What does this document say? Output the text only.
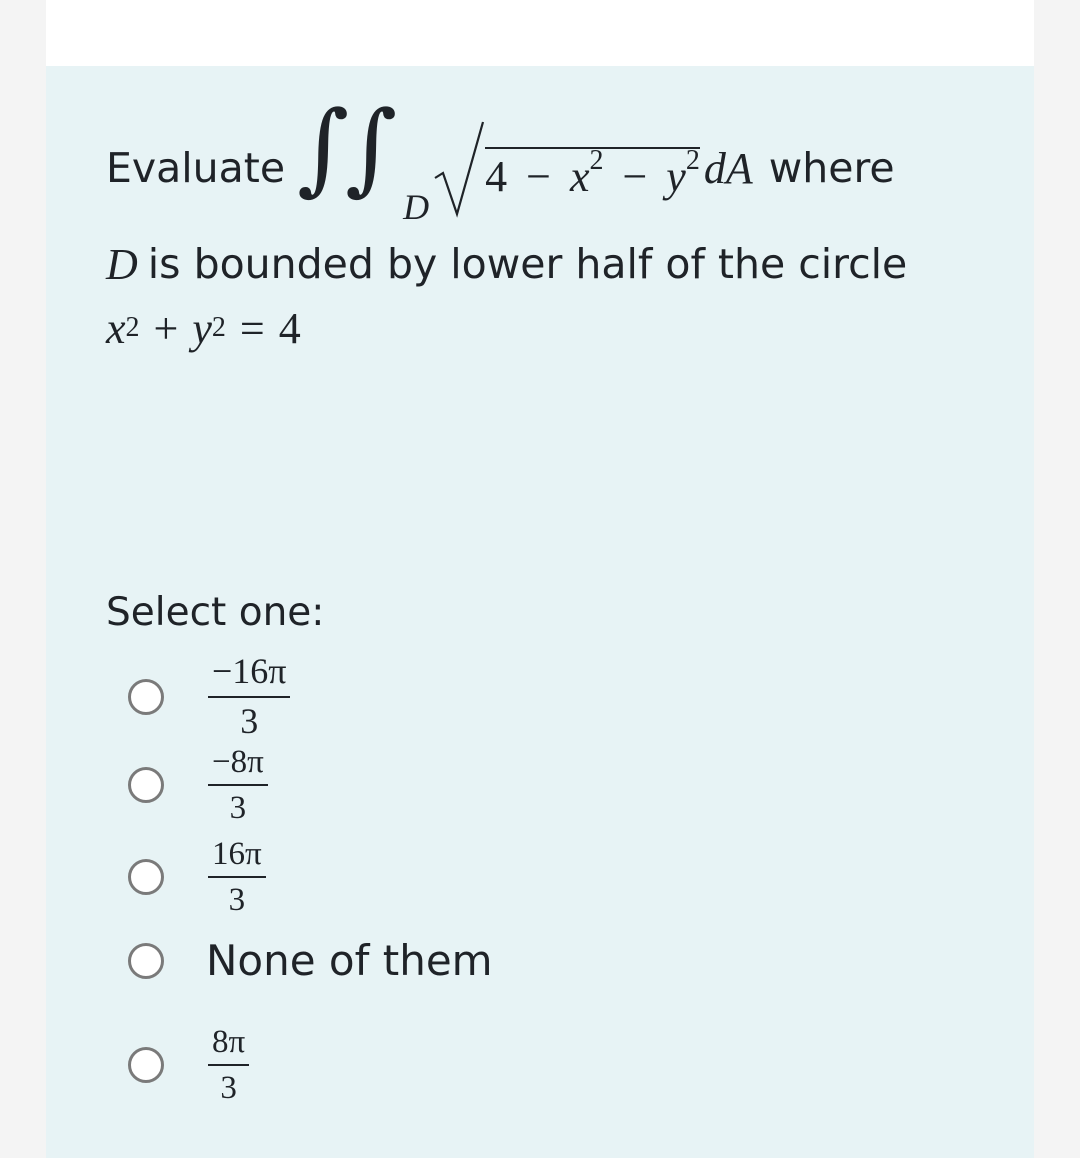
Evaluate ∫
∫
D
$4 - x^2 - y^2$ dA where
D is bounded by lower half of the circle
x 2 + y 2 = 4
Select one:
$\frac{-16\pi}{3}$
$\frac{-8\pi}{3}$
$\frac{16\pi}{3}$
None of them
$\frac{8\pi}{3}$
